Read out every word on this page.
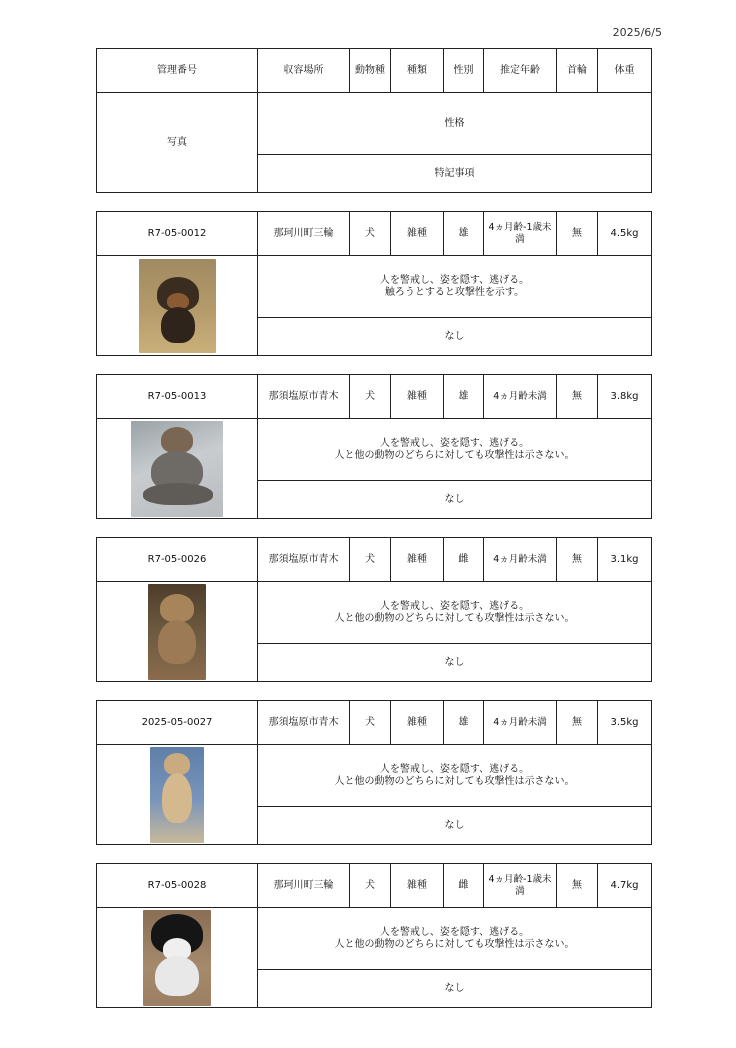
2025/6/5
管理番号	収容場所	動物種	種類	性別	推定年齢	首輪	体重
写真	性格						
	特記事項						
R7-05-0012	那珂川町三輪	犬	雑種	雄	4ヵ月齢-1歳未満	無	4.5kg

	人を警戒し、姿を隠す、逃げる。
触ろうとすると攻撃性を示す。						
	なし						
R7-05-0013	那須塩原市青木	犬	雑種	雄	4ヵ月齢未満	無	3.8kg

	人を警戒し、姿を隠す、逃げる。
人と他の動物のどちらに対しても攻撃性は示さない。						
	なし						
R7-05-0026	那須塩原市青木	犬	雑種	雌	4ヵ月齢未満	無	3.1kg

	人を警戒し、姿を隠す、逃げる。
人と他の動物のどちらに対しても攻撃性は示さない。						
	なし						
2025-05-0027	那須塩原市青木	犬	雑種	雄	4ヵ月齢未満	無	3.5kg

	人を警戒し、姿を隠す、逃げる。
人と他の動物のどちらに対しても攻撃性は示さない。						
	なし						
R7-05-0028	那珂川町三輪	犬	雑種	雌	4ヵ月齢-1歳未満	無	4.7kg

	人を警戒し、姿を隠す、逃げる。
人と他の動物のどちらに対しても攻撃性は示さない。						
	なし						
